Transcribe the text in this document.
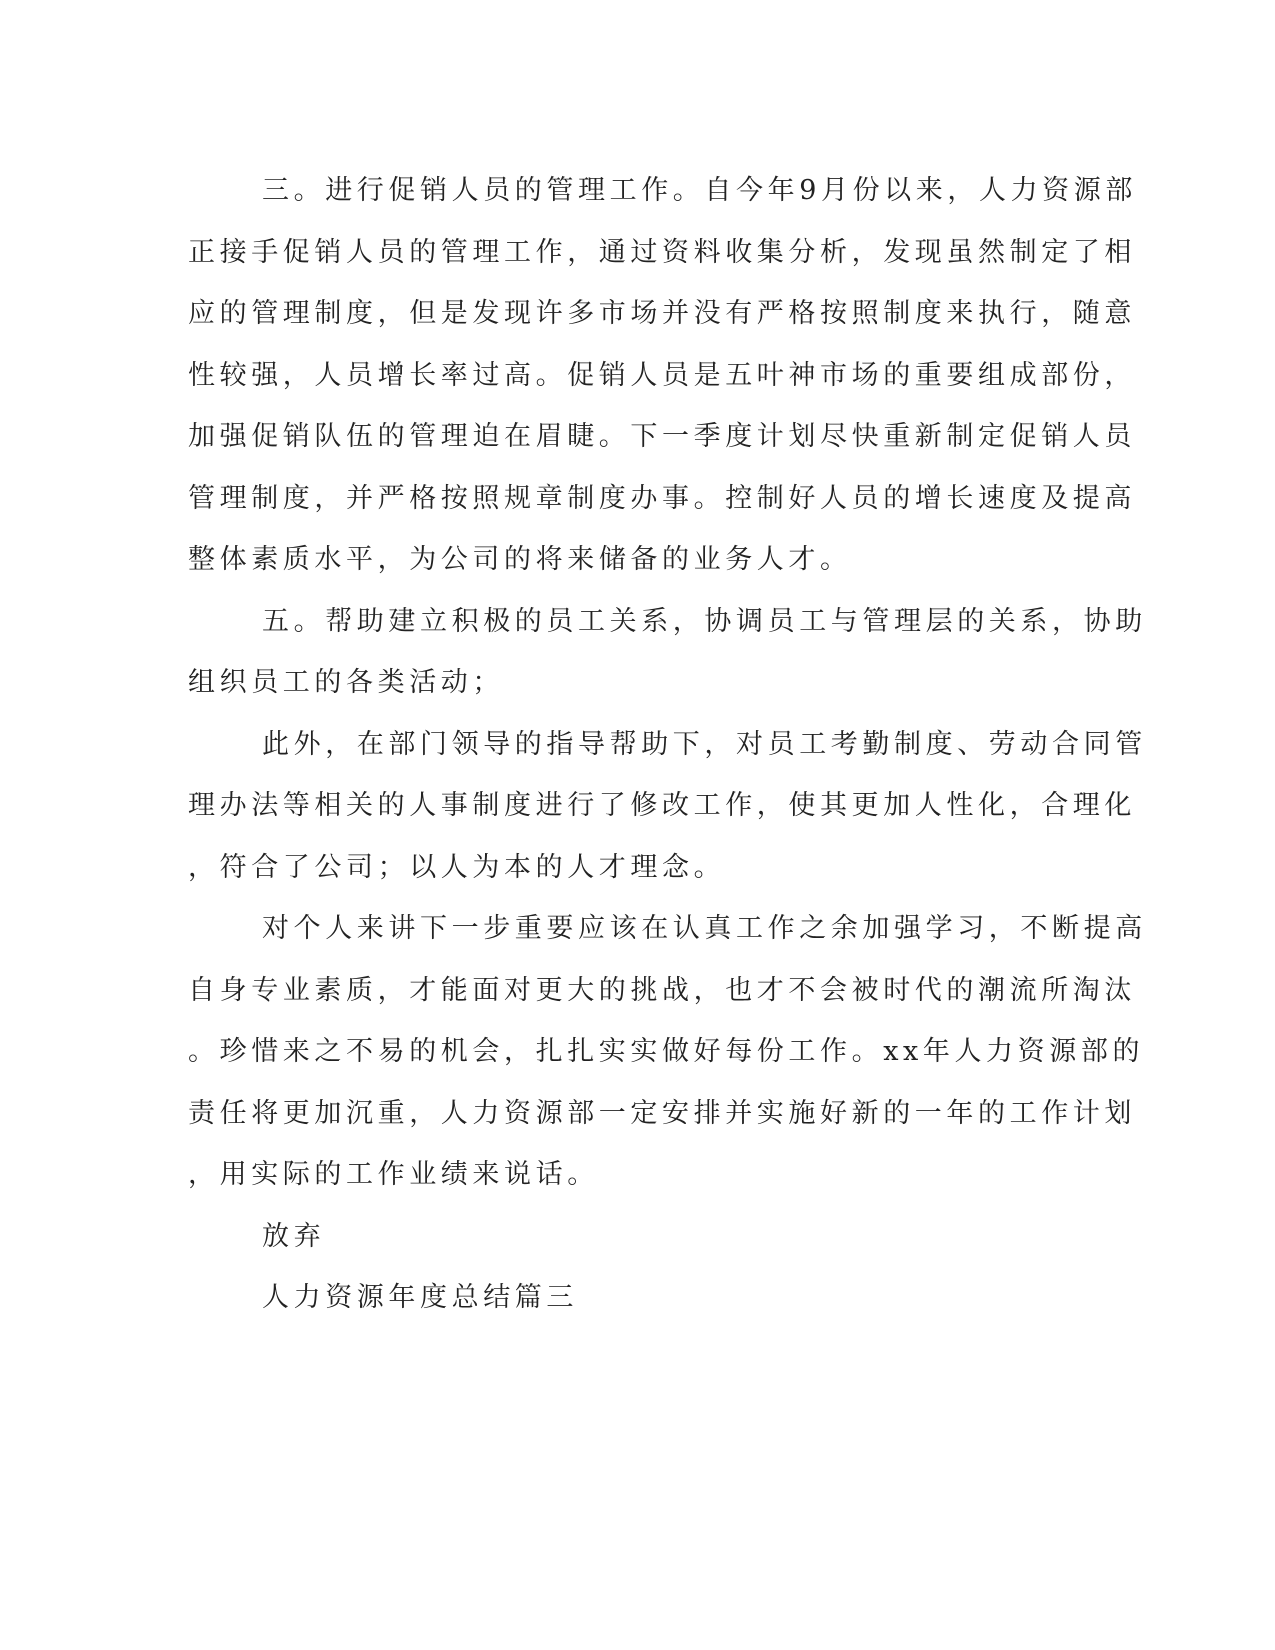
三。进行促销人员的管理工作。自今年9月份以来，人力资源部

正接手促销人员的管理工作，通过资料收集分析，发现虽然制定了相

应的管理制度，但是发现许多市场并没有严格按照制度来执行，随意

性较强，人员增长率过高。促销人员是五叶神市场的重要组成部份，

加强促销队伍的管理迫在眉睫。下一季度计划尽快重新制定促销人员

管理制度，并严格按照规章制度办事。控制好人员的增长速度及提高

整体素质水平，为公司的将来储备的业务人才。

五。帮助建立积极的员工关系，协调员工与管理层的关系，协助

组织员工的各类活动；

此外，在部门领导的指导帮助下，对员工考勤制度、劳动合同管

理办法等相关的人事制度进行了修改工作，使其更加人性化，合理化

，符合了公司；以人为本的人才理念。

对个人来讲下一步重要应该在认真工作之余加强学习，不断提高

自身专业素质，才能面对更大的挑战，也才不会被时代的潮流所淘汰

。珍惜来之不易的机会，扎扎实实做好每份工作。xx年人力资源部的

责任将更加沉重，人力资源部一定安排并实施好新的一年的工作计划

，用实际的工作业绩来说话。

放弃

人力资源年度总结篇三
